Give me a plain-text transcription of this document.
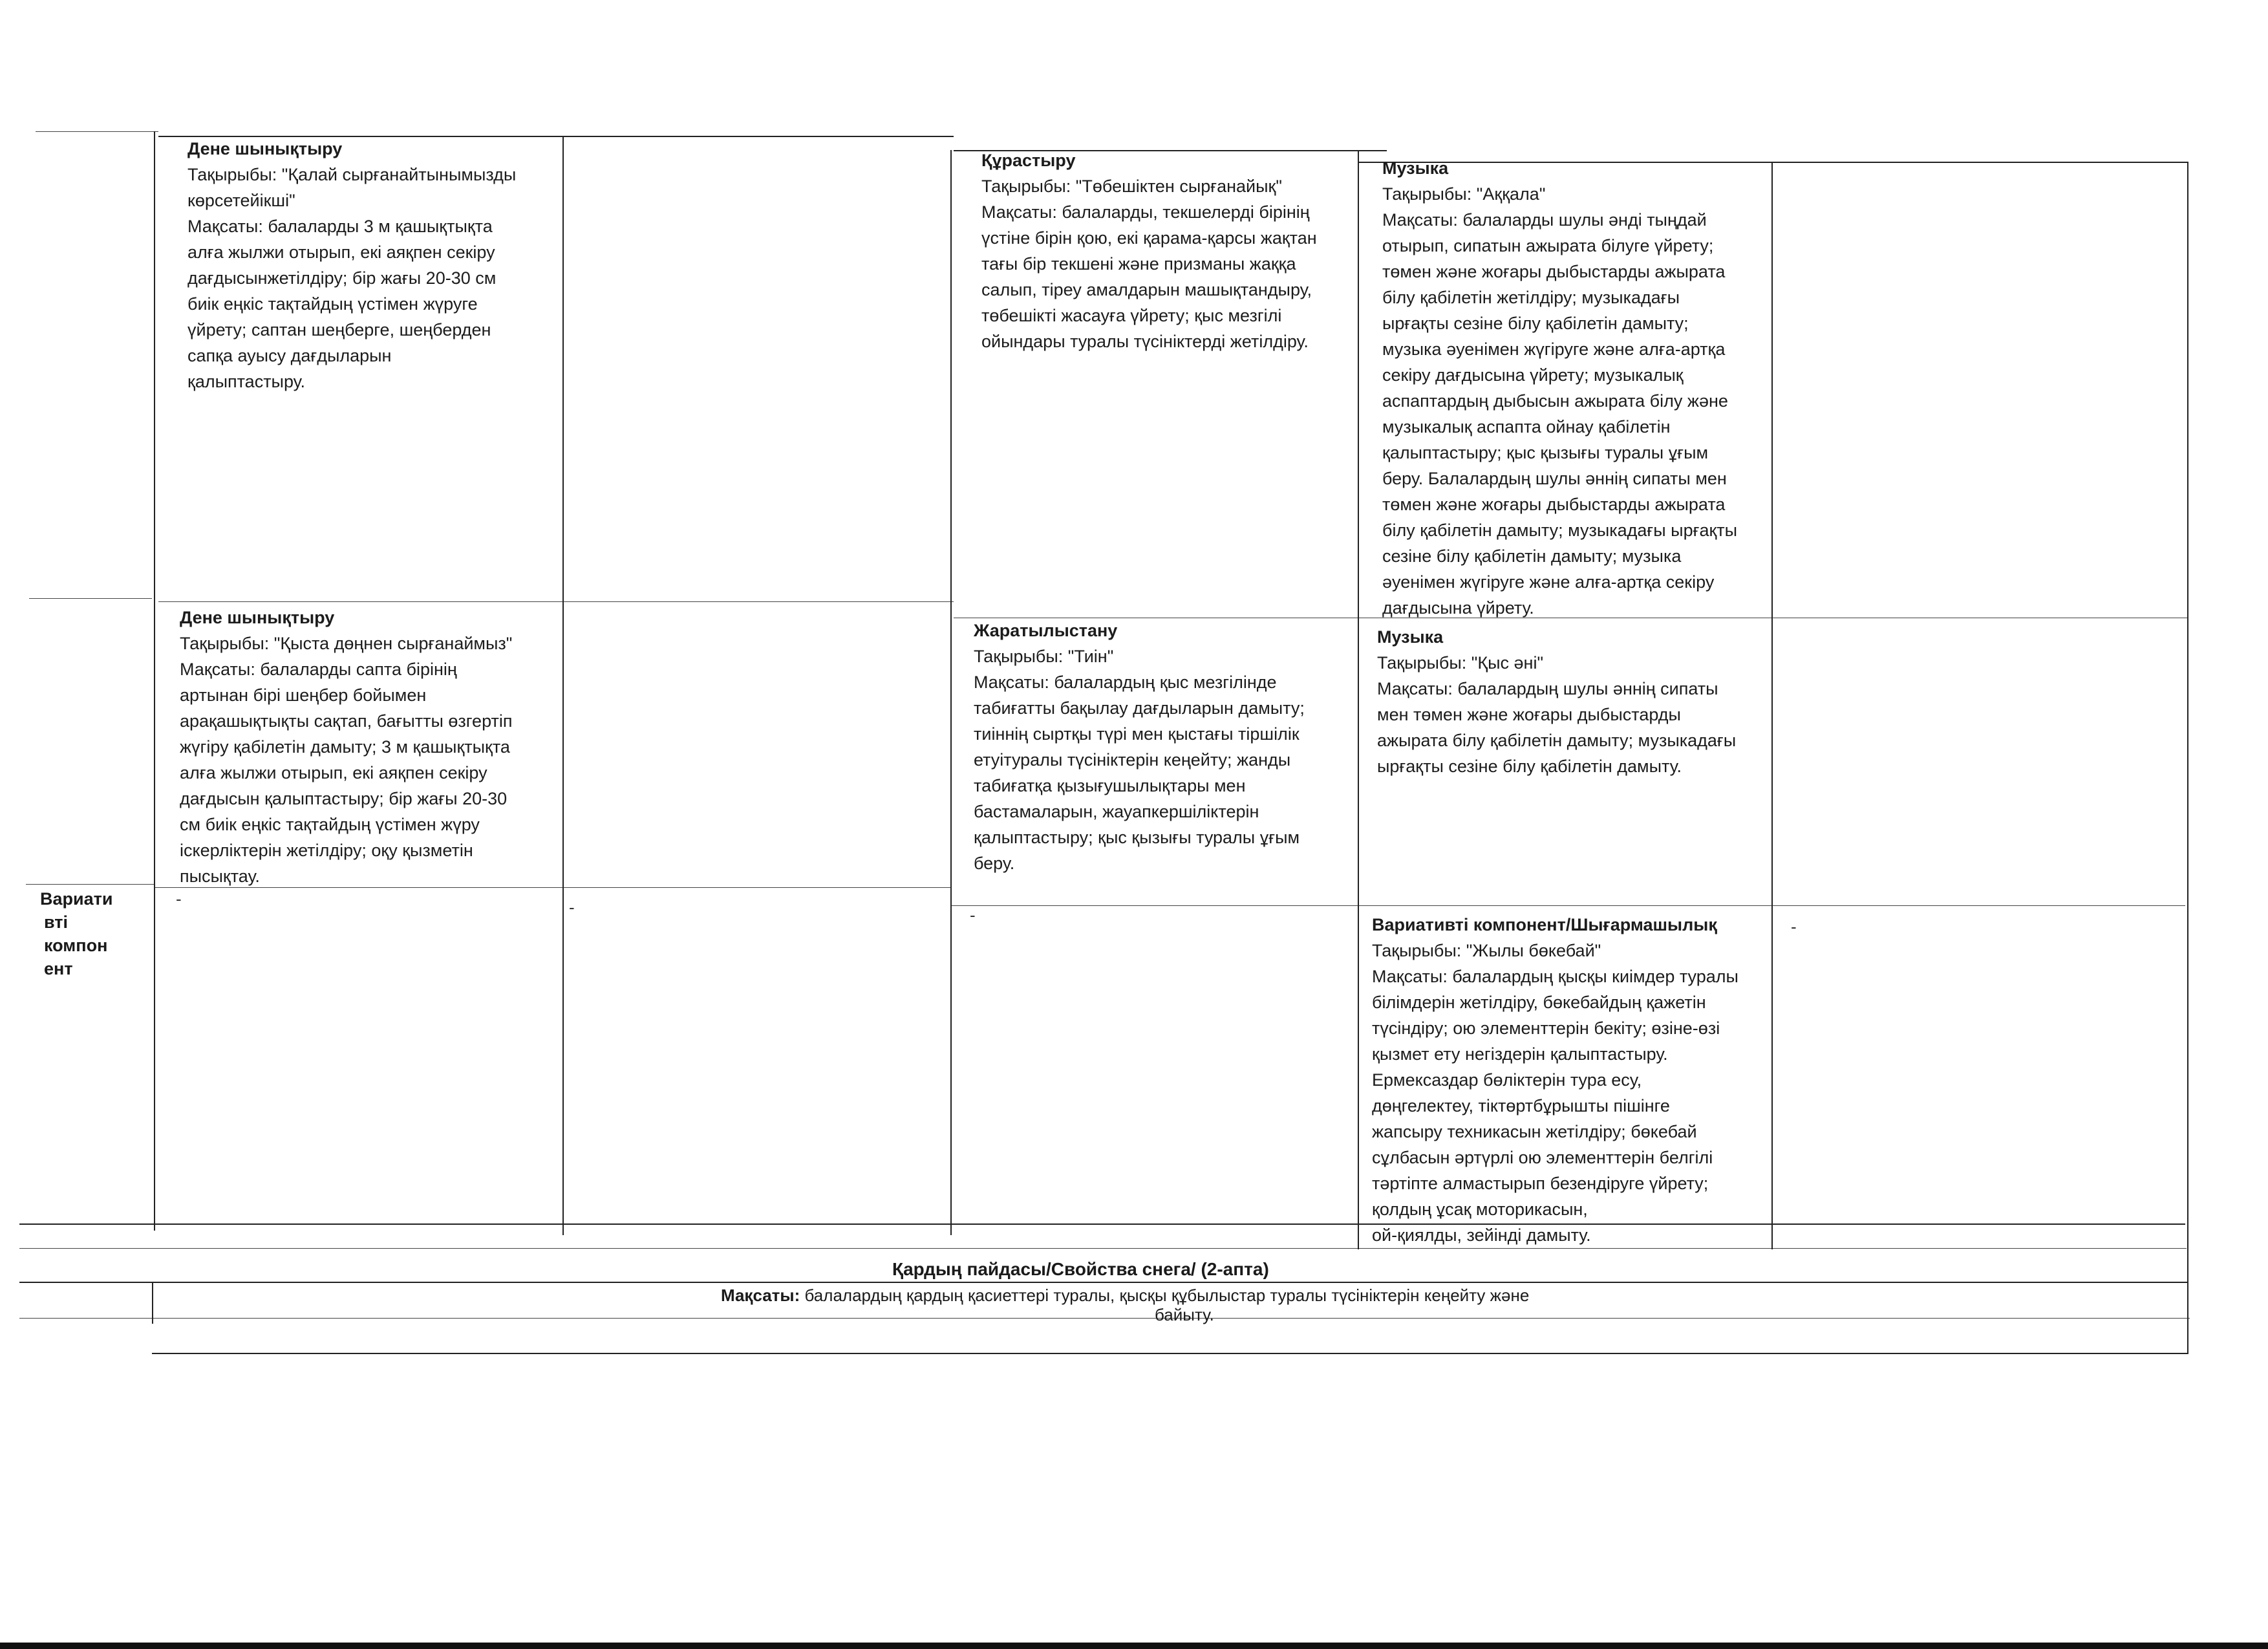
Вариати
вті
компон
ент
Дене шынықтыру
Тақырыбы: "Қалай сырғанайтынымызды
көрсетейікші"
Мақсаты: балаларды 3 м қашықтықта
алға жылжи отырып, екі аяқпен секіру
дағдысынжетілдіру; бір жағы 20-30 см
биік еңкіс тақтайдың үстімен жүруге
үйрету; саптан шеңберге, шеңберден
сапқа ауысу дағдыларын
қалыптастыру.
Құрастыру
Тақырыбы: "Төбешіктен сырғанайық"
Мақсаты: балаларды, текшелерді бірінің
үстіне бірін қою, екі қарама-қарсы жақтан
тағы бір текшені және призманы жаққа
салып, тіреу амалдарын машықтандыру,
төбешікті жасауға үйрету; қыс мезгілі
ойындары туралы түсініктерді жетілдіру.
Музыка
Тақырыбы: "Аққала"
Мақсаты: балаларды шулы әнді тыңдай
отырып, сипатын ажырата білуге үйрету;
төмен және жоғары дыбыстарды ажырата
білу қабілетін жетілдіру; музыкадағы
ырғақты сезіне білу қабілетін дамыту;
музыка әуенімен жүгіруге және алға-артқа
секіру дағдысына үйрету; музыкалық
аспаптардың дыбысын ажырата білу және
музыкалық аспапта ойнау қабілетін
қалыптастыру; қыс қызығы туралы ұғым
беру. Балалардың шулы әннің сипаты мен
төмен және жоғары дыбыстарды ажырата
білу қабілетін дамыту; музыкадағы ырғақты
сезіне білу қабілетін дамыту; музыка
әуенімен жүгіруге және алға-артқа секіру
дағдысына үйрету.
Дене шынықтыру
Тақырыбы: "Қыста дөңнен сырғанаймыз"
Мақсаты: балаларды сапта бірінің
артынан бірі шеңбер бойымен
арақашықтықты сақтап, бағытты өзгертіп
жүгіру қабілетін дамыту; 3 м қашықтықта
алға жылжи отырып, екі аяқпен секіру
дағдысын қалыптастыру; бір жағы 20-30
см биік еңкіс тақтайдың үстімен жүру
іскерліктерін жетілдіру; оқу қызметін
пысықтау.
Жаратылыстану
Тақырыбы: "Тиін"
Мақсаты: балалардың қыс мезгілінде
табиғатты бақылау дағдыларын дамыту;
тиіннің сыртқы түрі мен қыстағы тіршілік
етуітуралы түсініктерін кеңейту; жанды
табиғатқа қызығушылықтары мен
бастамаларын, жауапкершіліктерін
қалыптастыру; қыс қызығы туралы ұғым
беру.
Музыка
Тақырыбы: "Қыс әні"
Мақсаты: балалардың шулы әннің сипаты
мен төмен және жоғары дыбыстарды
ажырата білу қабілетін дамыту; музыкадағы
ырғақты сезіне білу қабілетін дамыту.
-	-	-
-
Вариативті компонент/Шығармашылық
Тақырыбы: "Жылы бөкебай"
Мақсаты: балалардың қысқы киімдер туралы
білімдерін жетілдіру, бөкебайдың қажетін
түсіндіру; ою элементтерін бекіту; өзіне-өзі
қызмет ету негіздерін қалыптастыру.
Ермексаздар бөліктерін тура есу,
дөңгелектеу, тіктөртбұрышты пішінге
жапсыру техникасын жетілдіру; бөкебай
сұлбасын әртүрлі ою элементтерін белгілі
тәртіпте алмастырып безендіруге үйрету;
қолдың ұсақ моторикасын,
ой-қиялды, зейінді дамыту.
Қардың пайдасы/Свойства снега/ (2-апта)
Мақсаты: балалардың қардың қасиеттері туралы, қысқы құбылыстар туралы түсініктерін кеңейту және
байыту.
